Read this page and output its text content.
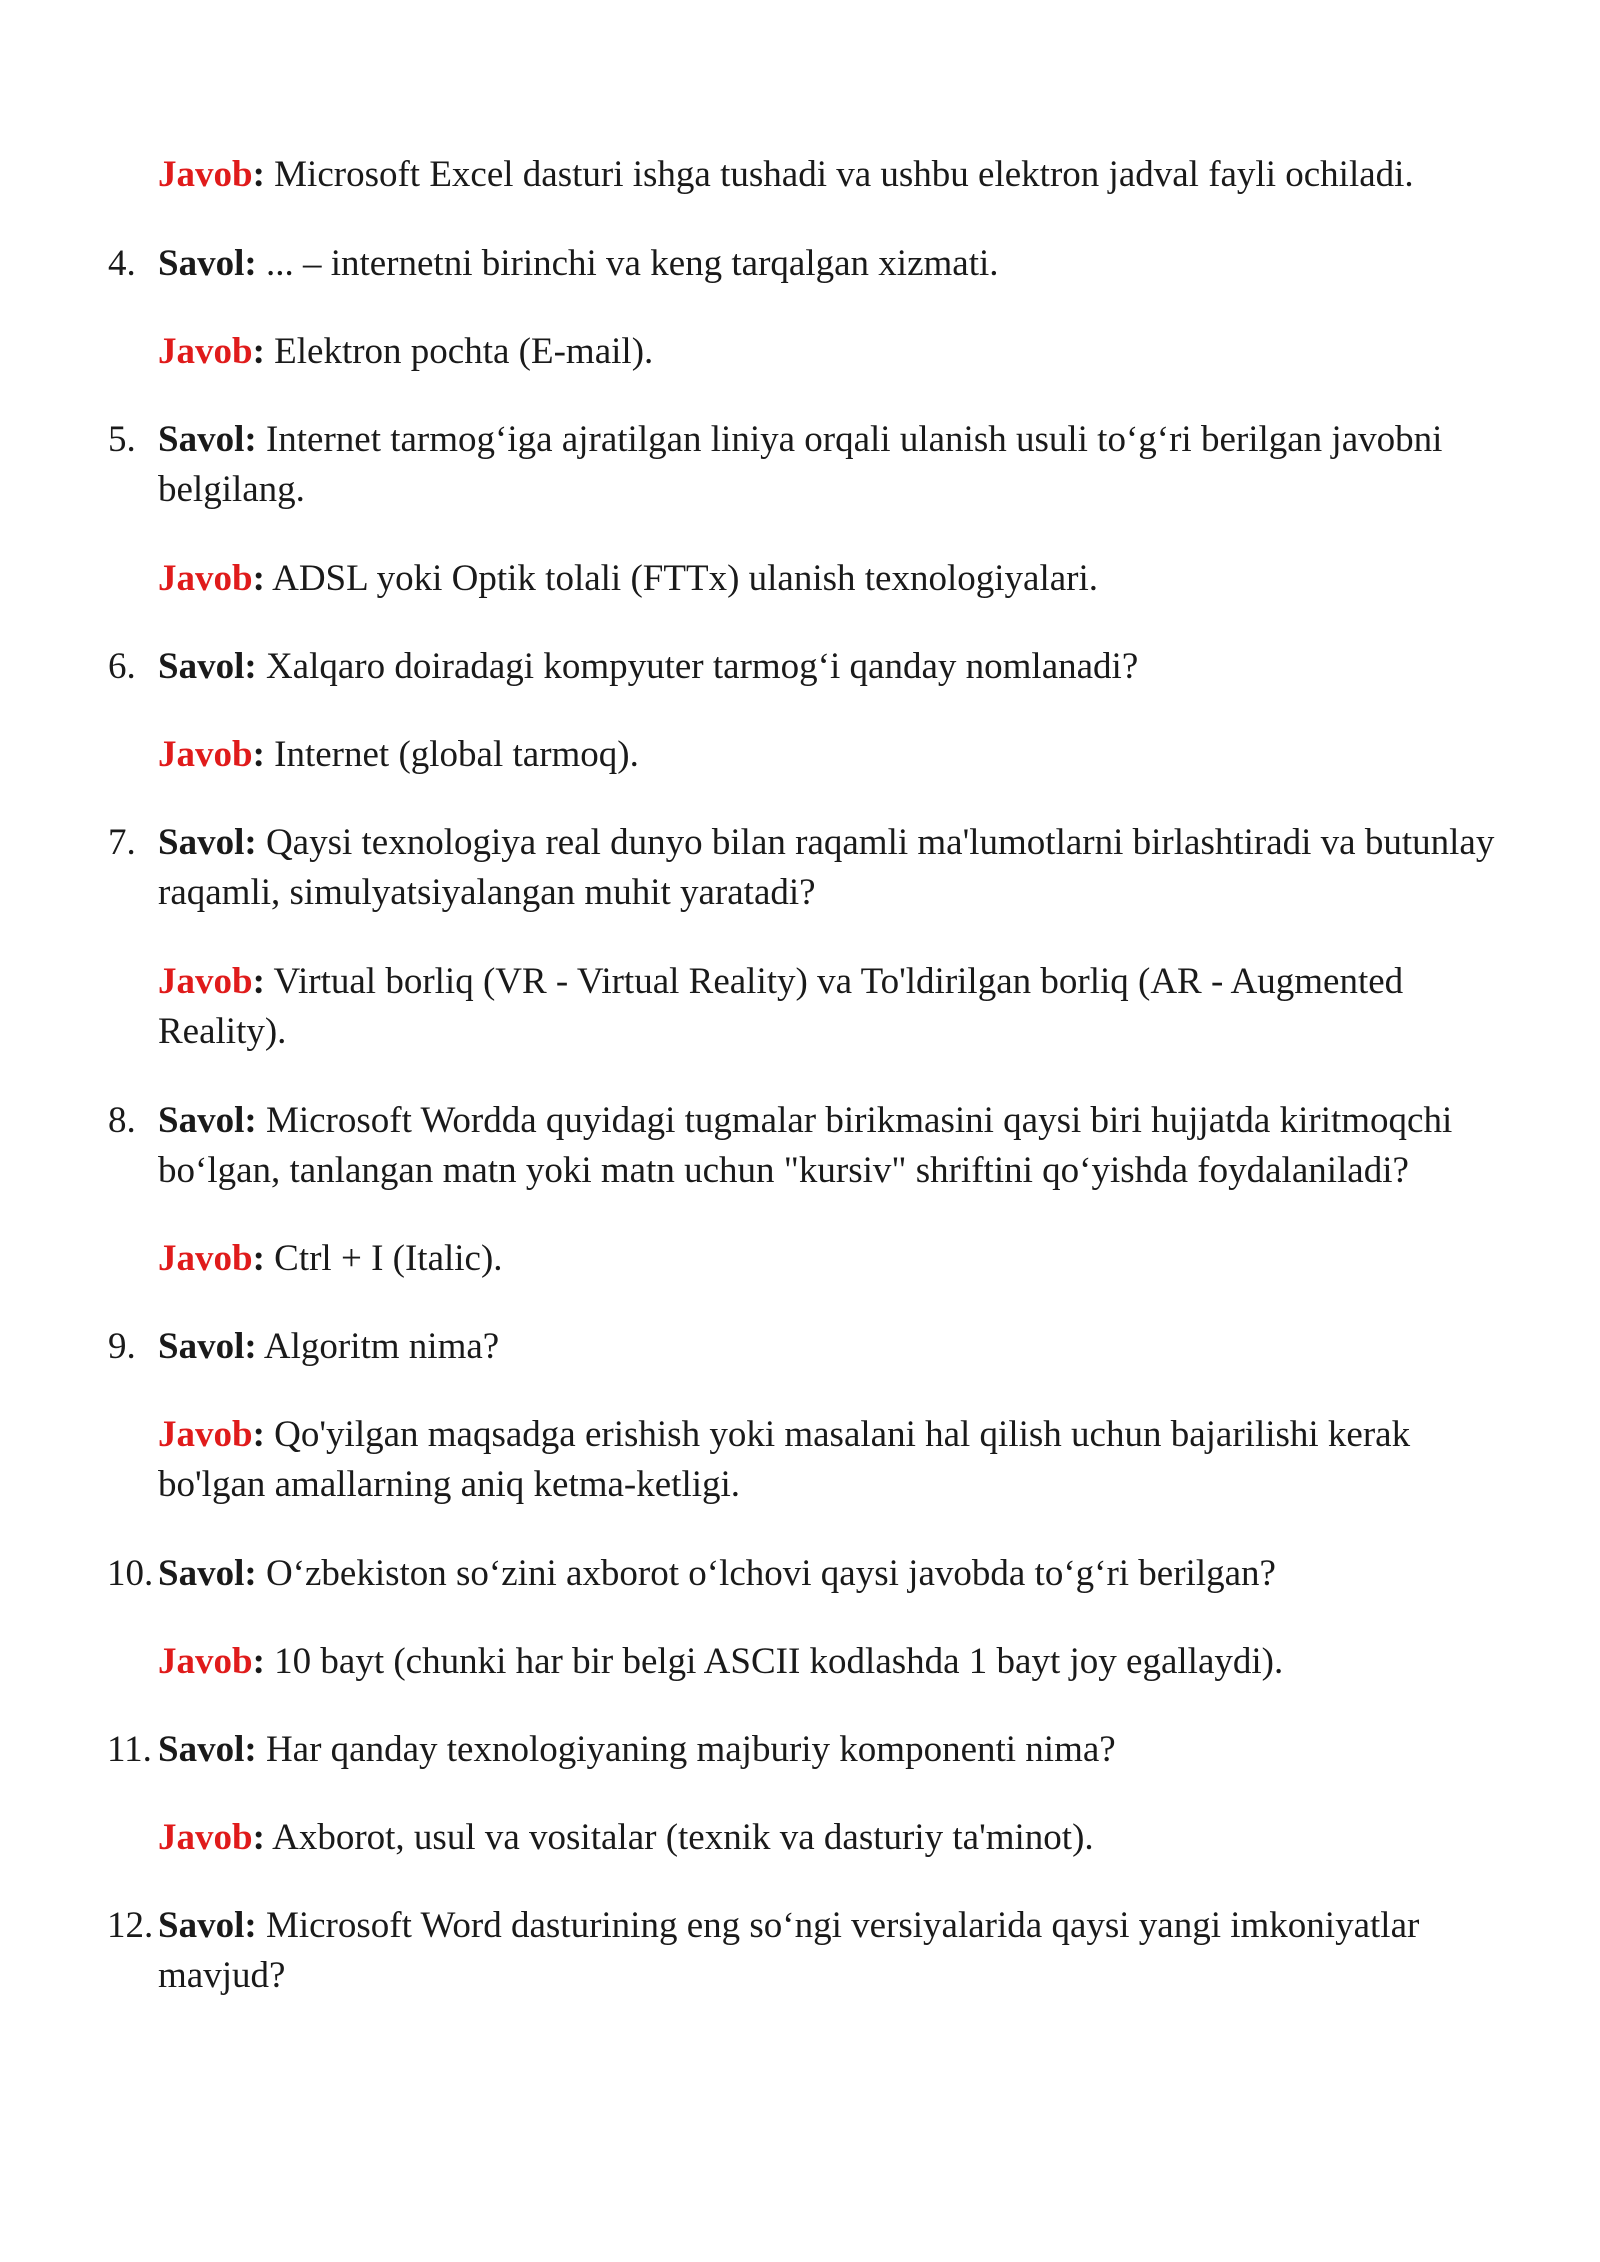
Javob: Microsoft Excel dasturi ishga tushadi va ushbu elektron jadval fayli ochiladi.
4. Savol: ... – internetni birinchi va keng tarqalgan xizmati.
Javob: Elektron pochta (E-mail).
5. Savol: Internet tarmog‘iga ajratilgan liniya orqali ulanish usuli to‘g‘ri berilgan javobni belgilang.
Javob: ADSL yoki Optik tolali (FTTx) ulanish texnologiyalari.
6. Savol: Xalqaro doiradagi kompyuter tarmog‘i qanday nomlanadi?
Javob: Internet (global tarmoq).
7. Savol: Qaysi texnologiya real dunyo bilan raqamli ma'lumotlarni birlashtiradi va butunlay raqamli, simulyatsiyalangan muhit yaratadi?
Javob: Virtual borliq (VR - Virtual Reality) va To'ldirilgan borliq (AR - Augmented Reality).
8. Savol: Microsoft Wordda quyidagi tugmalar birikmasini qaysi biri hujjatda kiritmoqchi bo‘lgan, tanlangan matn yoki matn uchun "kursiv" shriftini qo‘yishda foydalaniladi?
Javob: Ctrl + I (Italic).
9. Savol: Algoritm nima?
Javob: Qo'yilgan maqsadga erishish yoki masalani hal qilish uchun bajarilishi kerak bo'lgan amallarning aniq ketma-ketligi.
10. Savol: O‘zbekiston so‘zini axborot o‘lchovi qaysi javobda to‘g‘ri berilgan?
Javob: 10 bayt (chunki har bir belgi ASCII kodlashda 1 bayt joy egallaydi).
11. Savol: Har qanday texnologiyaning majburiy komponenti nima?
Javob: Axborot, usul va vositalar (texnik va dasturiy ta'minot).
12. Savol: Microsoft Word dasturining eng so‘ngi versiyalarida qaysi yangi imkoniyatlar mavjud?
